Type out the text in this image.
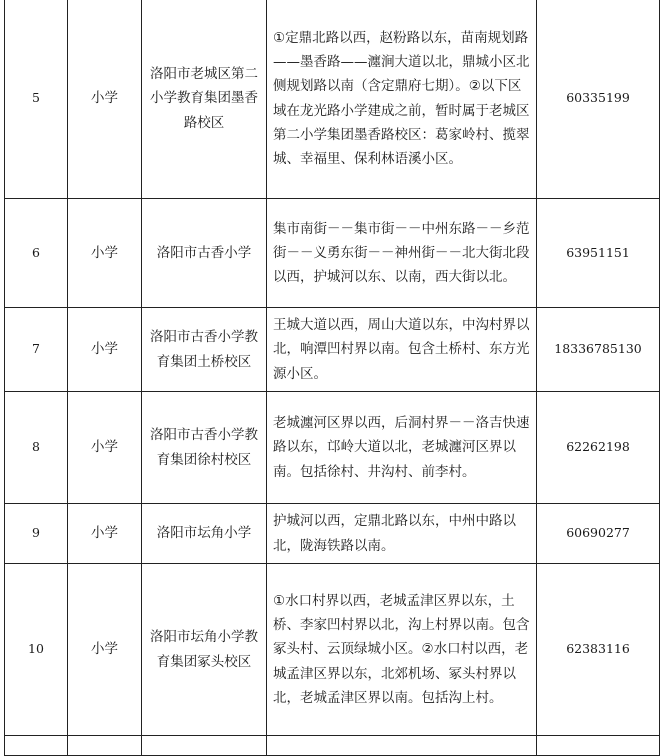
5	小学	洛阳市老城区第二小学教育集团墨香路校区	①定鼎北路以西，赵粉路以东，苗南规划路——墨香路——瀍涧大道以北，鼎城小区北侧规划路以南（含定鼎府七期）。②以下区域在龙光路小学建成之前，暂时属于老城区第二小学集团墨香路校区：葛家岭村、揽翠城、幸福里、保利林语溪小区。	60335199
6	小学	洛阳市古香小学	集市南街－－集市街－－中州东路－－乡范街－－义勇东街－－神州街－－北大街北段以西，护城河以东、以南，西大街以北。	63951151
7	小学	洛阳市古香小学教育集团土桥校区	王城大道以西，周山大道以东，中沟村界以北，响潭凹村界以南。包含土桥村、东方光源小区。	18336785130
8	小学	洛阳市古香小学教育集团徐村校区	老城瀍河区界以西，后洞村界－－洛吉快速路以东，邙岭大道以北，老城瀍河区界以南。包括徐村、井沟村、前李村。	62262198
9	小学	洛阳市坛角小学	护城河以西，定鼎北路以东，中州中路以北，陇海铁路以南。	60690277
10	小学	洛阳市坛角小学教育集团冢头校区	①水口村界以西，老城孟津区界以东，土桥、李家凹村界以北，沟上村界以南。包含冢头村、云顶绿城小区。②水口村以西，老城孟津区界以东，北郊机场、冢头村界以北，老城孟津区界以南。包括沟上村。	62383116
